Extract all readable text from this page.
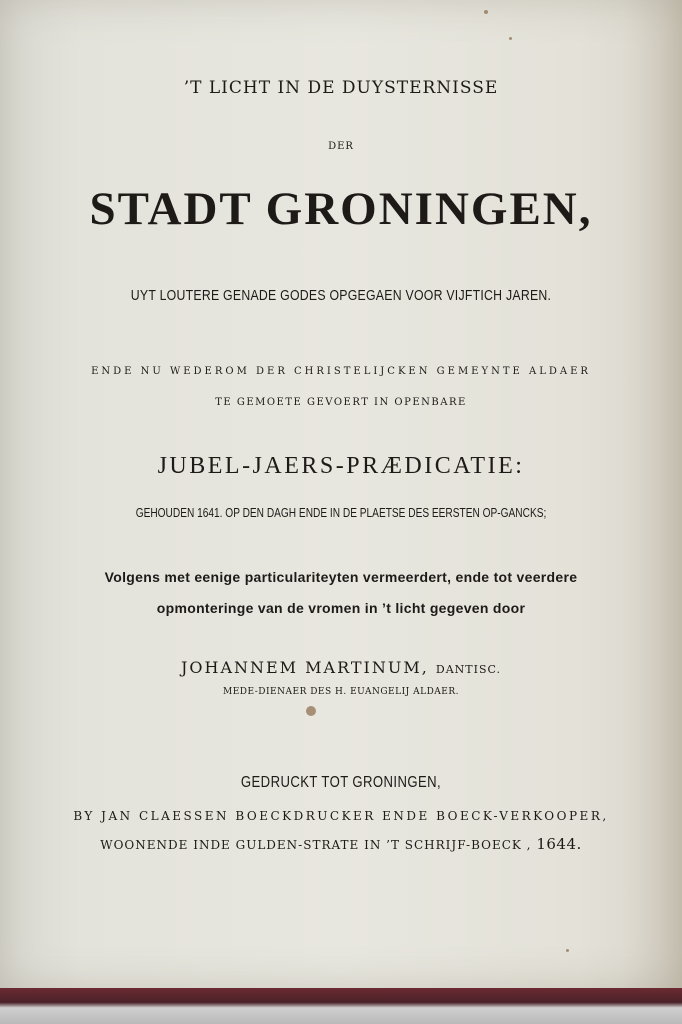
’T LICHT IN DE DUYSTERNISSE
DER
STADT GRONINGEN,
UYT LOUTERE GENADE GODES OPGEGAEN VOOR VIJFTICH JAREN.
ENDE NU WEDEROM DER CHRISTELIJCKEN GEMEYNTE ALDAER
TE GEMOETE GEVOERT IN OPENBARE
JUBEL-JAERS-PRÆDICATIE:
GEHOUDEN 1641. OP DEN DAGH ENDE IN DE PLAETSE DES EERSTEN OP-GANCKS;
Volgens met eenige particulariteyten vermeerdert, ende tot veerdere
opmonteringe van de vromen in ’t licht gegeven door
JOHANNEM MARTINUM, DANTISC.
MEDE-DIENAER DES H. EUANGELIJ ALDAER.
GEDRUCKT TOT GRONINGEN,
BY JAN CLAESSEN BOECKDRUCKER ENDE BOECK-VERKOOPER,
WOONENDE INDE GULDEN-STRATE IN ’T SCHRIJF-BOECK , 1644.
